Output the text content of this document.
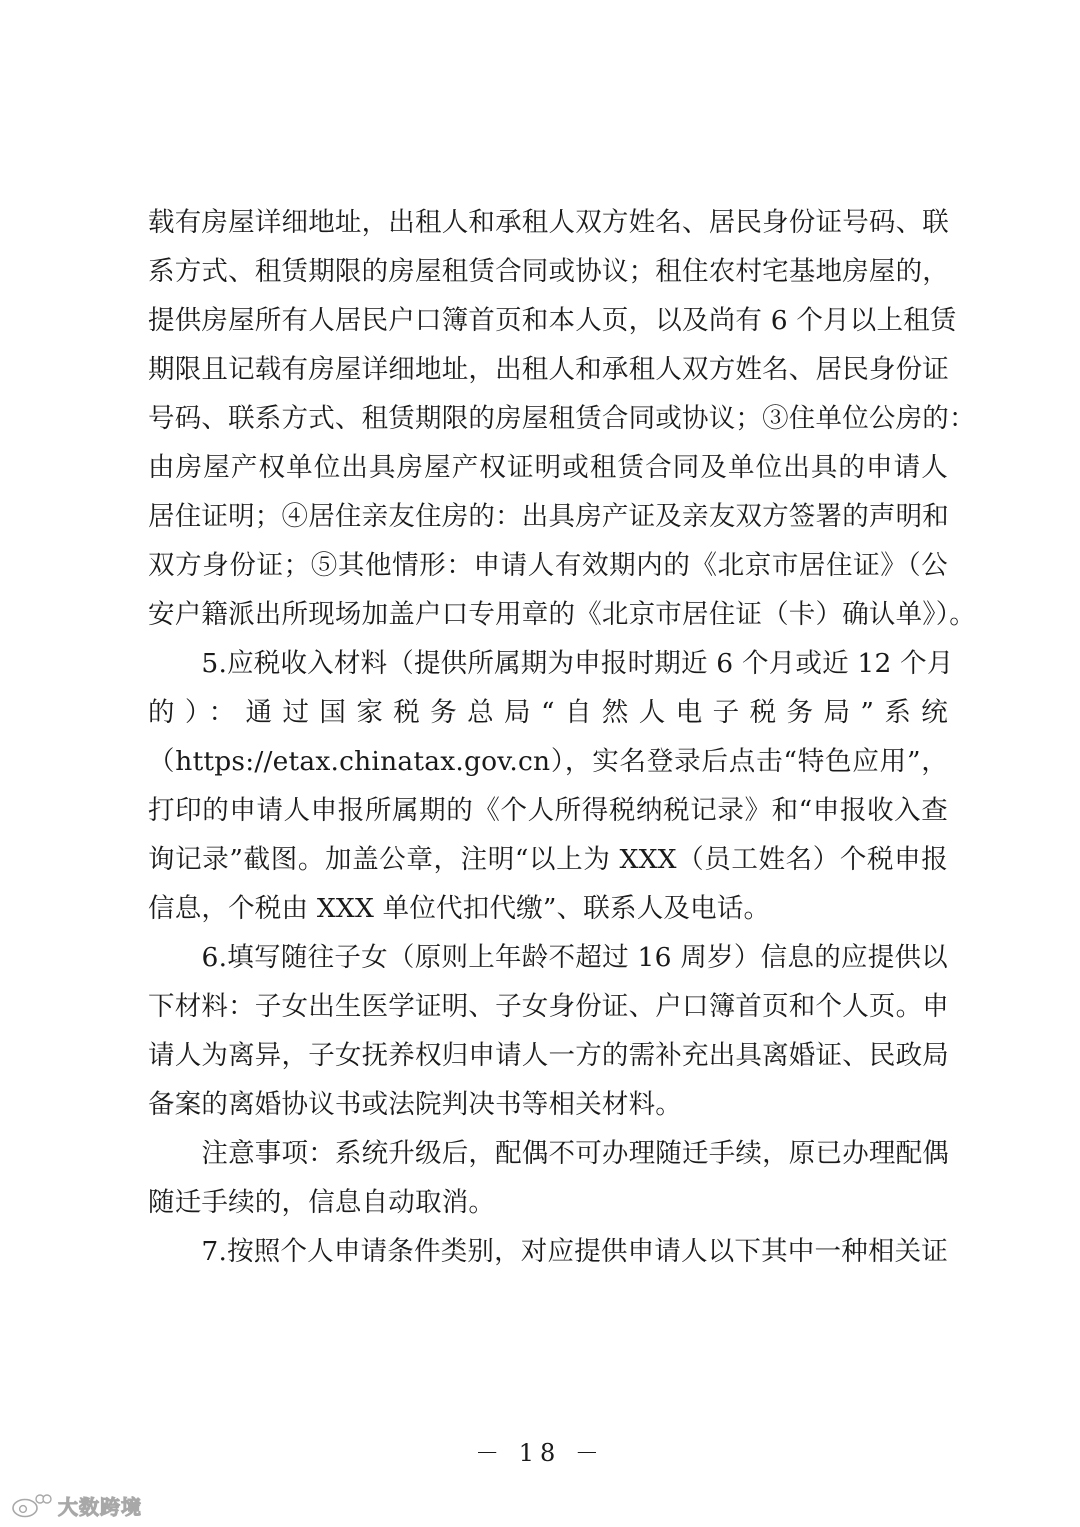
载有房屋详细地址，出租人和承租人双方姓名、居民身份证号码、联
系方式、租赁期限的房屋租赁合同或协议；租住农村宅基地房屋的，
提供房屋所有人居民户口簿首页和本人页，以及尚有 6 个月以上租赁
期限且记载有房屋详细地址，出租人和承租人双方姓名、居民身份证
号码、联系方式、租赁期限的房屋租赁合同或协议；③住单位公房的：
由房屋产权单位出具房屋产权证明或租赁合同及单位出具的申请人
居住证明；④居住亲友住房的：出具房产证及亲友双方签署的声明和
双方身份证；⑤其他情形：申请人有效期内的《北京市居住证》（公
安户籍派出所现场加盖户口专用章的《北京市居住证（卡）确认单》）。
　　5.应税收入材料（提供所属期为申报时期近 6 个月或近 12 个月
的）：通过国家税务总局“自然人电子税务局”系统
（https://etax.chinatax.gov.cn），实名登录后点击“特色应用”，
打印的申请人申报所属期的《个人所得税纳税记录》和“申报收入查
询记录”截图。加盖公章，注明“以上为 XXX（员工姓名）个税申报
信息，个税由 XXX 单位代扣代缴”、联系人及电话。
　　6.填写随往子女（原则上年龄不超过 16 周岁）信息的应提供以
下材料：子女出生医学证明、子女身份证、户口簿首页和个人页。申
请人为离异，子女抚养权归申请人一方的需补充出具离婚证、民政局
备案的离婚协议书或法院判决书等相关材料。
　　注意事项：系统升级后，配偶不可办理随迁手续，原已办理配偶
随迁手续的，信息自动取消。
　　7.按照个人申请条件类别，对应提供申请人以下其中一种相关证
－ 18 －
大数跨境
